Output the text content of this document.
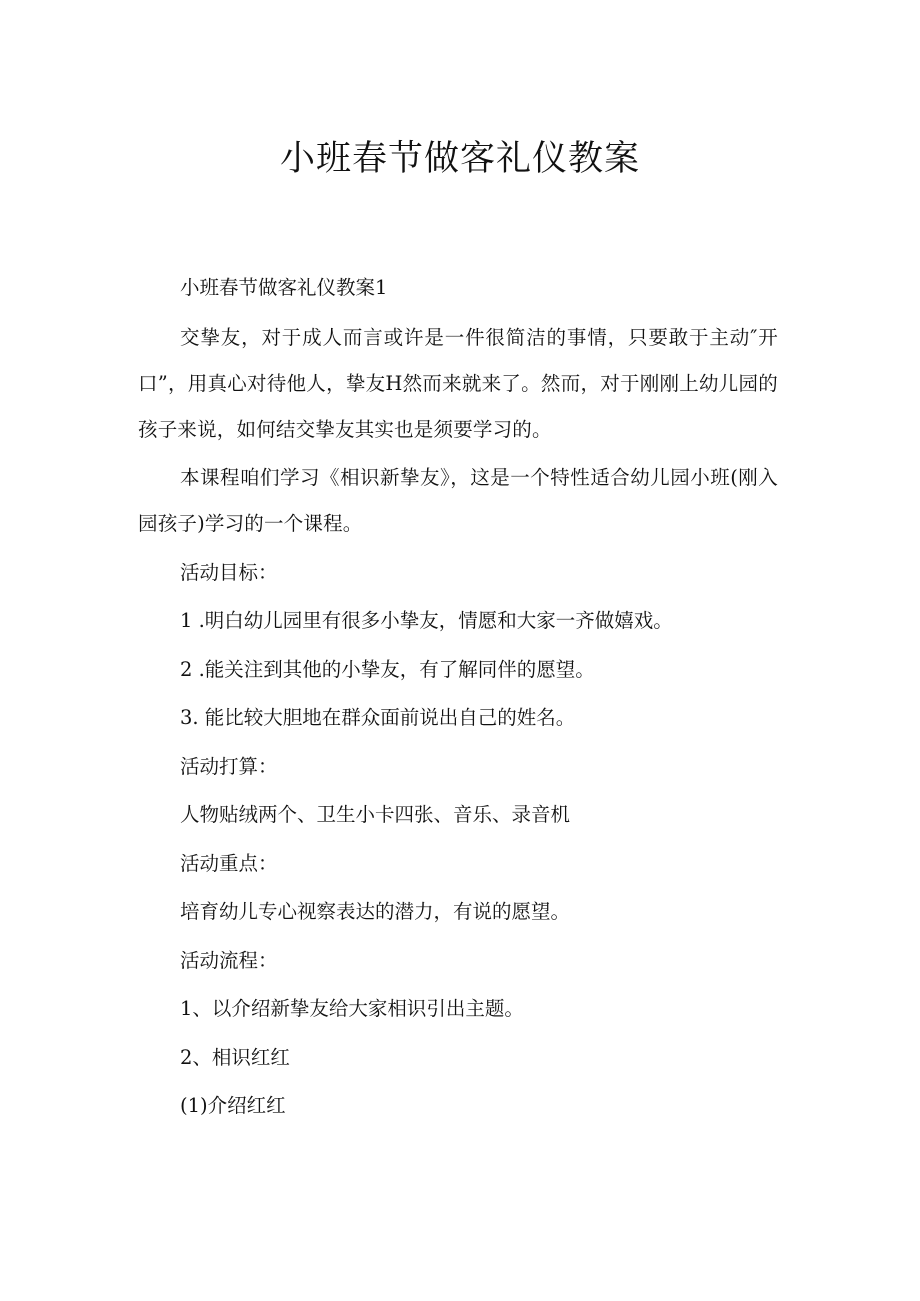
小班春节做客礼仪教案

小班春节做客礼仪教案1

交挚友，对于成人而言或许是一件很简洁的事情，只要敢于主动″开口”，用真心对待他人，挚友H然而来就来了。然而，对于刚刚上幼儿园的孩子来说，如何结交挚友其实也是须要学习的。

本课程咱们学习《相识新挚友》，这是一个特性适合幼儿园小班(刚入园孩子)学习的一个课程。

活动目标：

1 .明白幼儿园里有很多小挚友，情愿和大家一齐做嬉戏。

2 .能关注到其他的小挚友，有了解同伴的愿望。

3. 能比较大胆地在群众面前说出自己的姓名。

活动打算：

人物贴绒两个、卫生小卡四张、音乐、录音机

活动重点：

培育幼儿专心视察表达的潜力，有说的愿望。

活动流程：

1、以介绍新挚友给大家相识引出主题。

2、相识红红

(1)介绍红红
